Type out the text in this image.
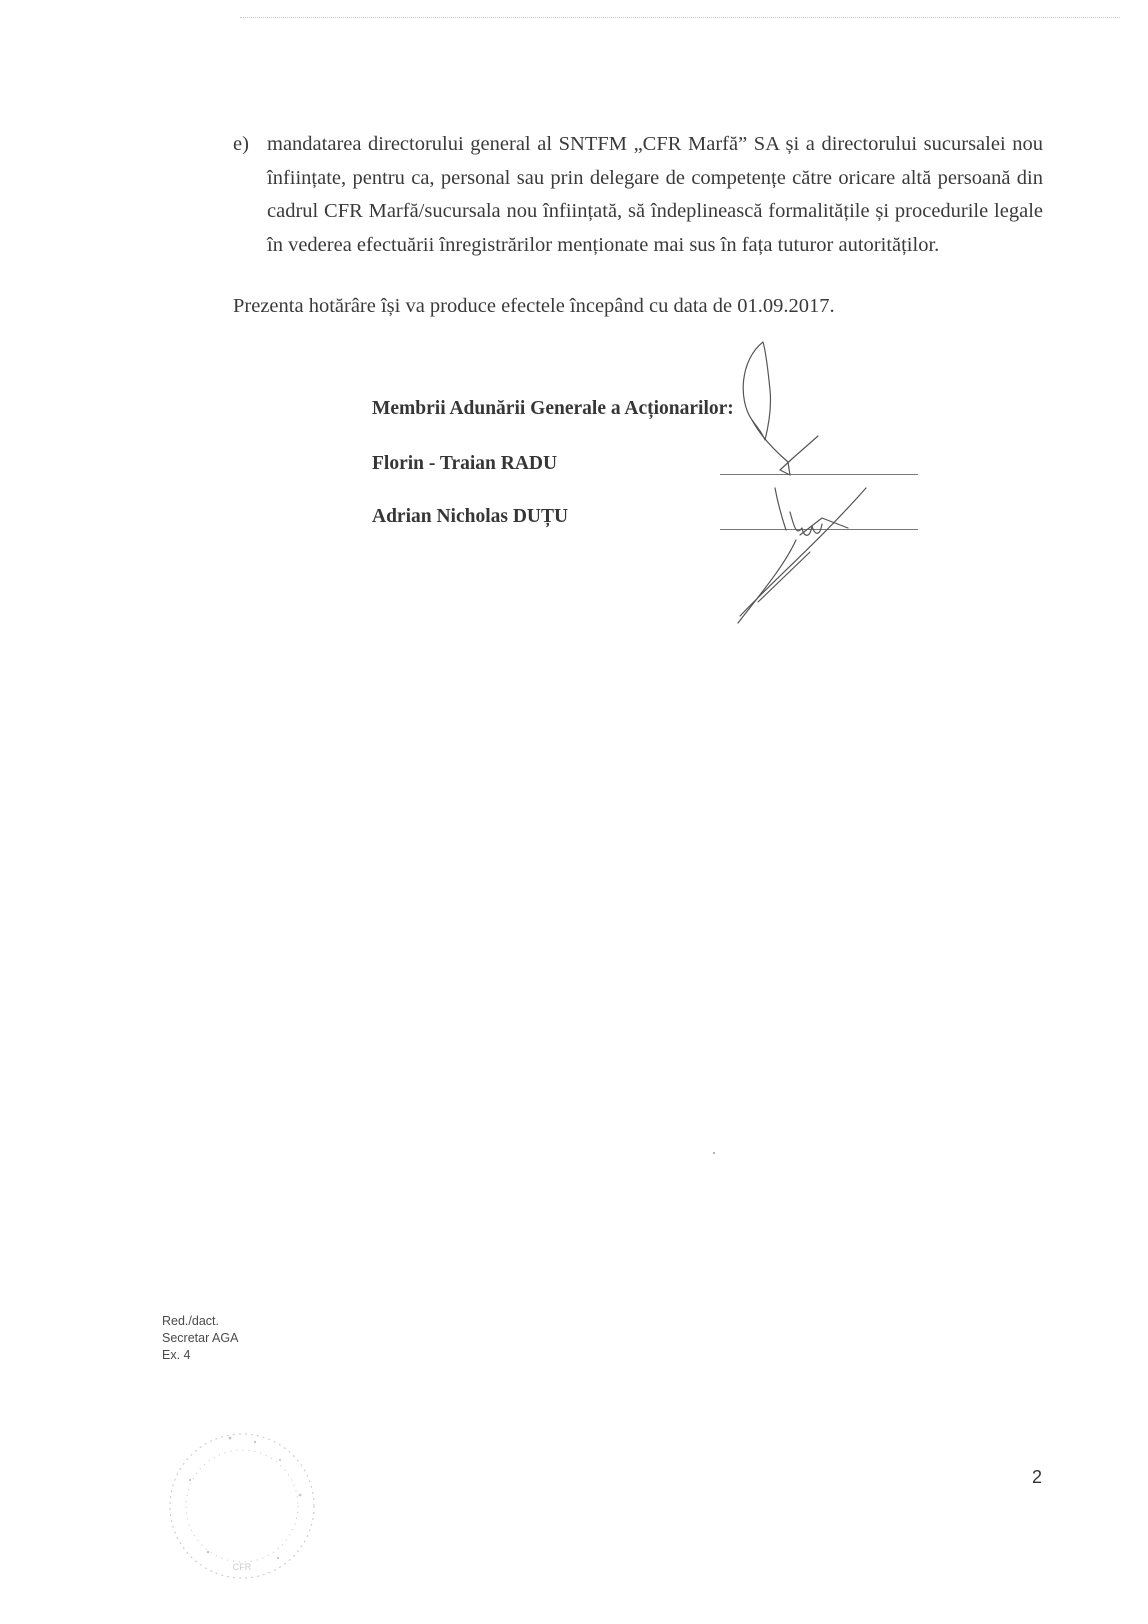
e) mandatarea directorului general al SNTFM „CFR Marfă” SA și a directorului sucursalei nou înființate, pentru ca, personal sau prin delegare de competențe către oricare altă persoană din cadrul CFR Marfă/sucursala nou înființată, să îndeplinească formalitățile și procedurile legale în vederea efectuării înregistrărilor menționate mai sus în fața tuturor autorităților.
Prezenta hotărâre își va produce efectele începând cu data de 01.09.2017.
Membrii Adunării Generale a Acționarilor:
Florin - Traian RADU
Adrian Nicholas DUȚU
Red./dact.
Secretar AGA
Ex. 4
CFR
2
